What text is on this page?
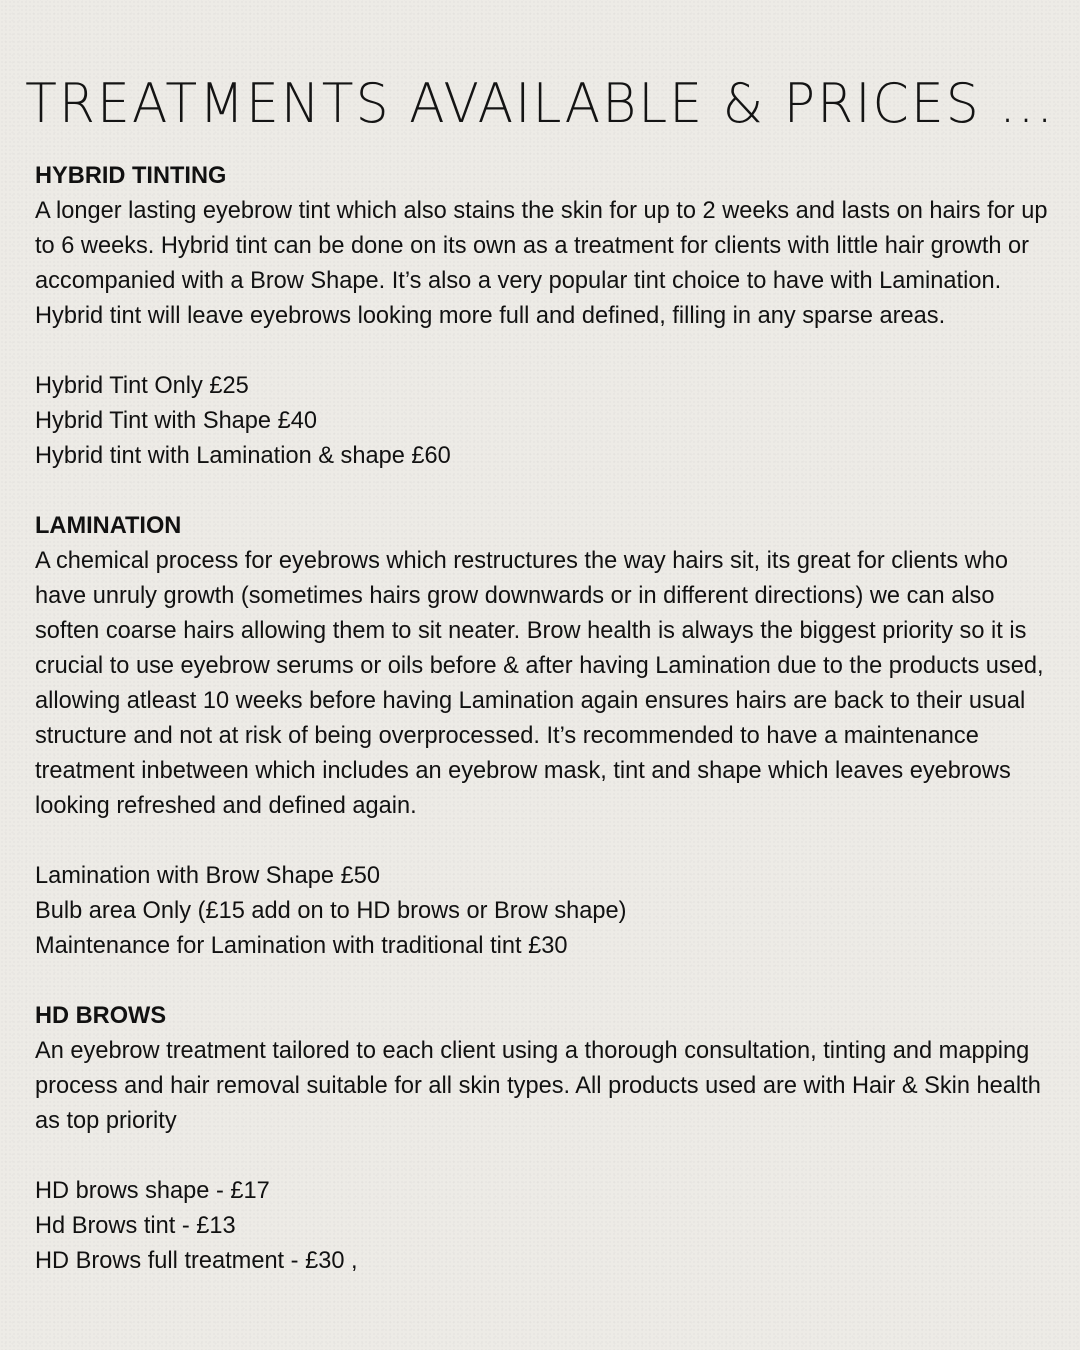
TREATMENTS AVAILABLE & PRICES ...

HYBRID TINTING

A longer lasting eyebrow tint which also stains the skin for up to 2 weeks and lasts on hairs for up to 6 weeks. Hybrid tint can be done on its own as a treatment for clients with little hair growth or accompanied with a Brow Shape. It’s also a very popular tint choice to have with Lamination. Hybrid tint will leave eyebrows looking more full and defined, filling in any sparse areas.

Hybrid Tint Only £25

Hybrid Tint with Shape £40

Hybrid tint with Lamination & shape £60

LAMINATION

A chemical process for eyebrows which restructures the way hairs sit, its great for clients who have unruly growth (sometimes hairs grow downwards or in different directions) we can also soften coarse hairs allowing them to sit neater. Brow health is always the biggest priority so it is crucial to use eyebrow serums or oils before & after having Lamination due to the products used, allowing atleast 10 weeks before having Lamination again ensures hairs are back to their usual structure and not at risk of being overprocessed. It’s recommended to have a maintenance treatment inbetween which includes an eyebrow mask, tint and shape which leaves eyebrows looking refreshed and defined again.

Lamination with Brow Shape £50

Bulb area Only (£15 add on to HD brows or Brow shape)

Maintenance for Lamination with traditional tint £30

HD BROWS

An eyebrow treatment tailored to each client using a thorough consultation, tinting and mapping process and hair removal suitable for all skin types. All products used are with Hair & Skin health as top priority

HD brows shape - £17

Hd Brows tint - £13

HD Brows full treatment - £30 ,
